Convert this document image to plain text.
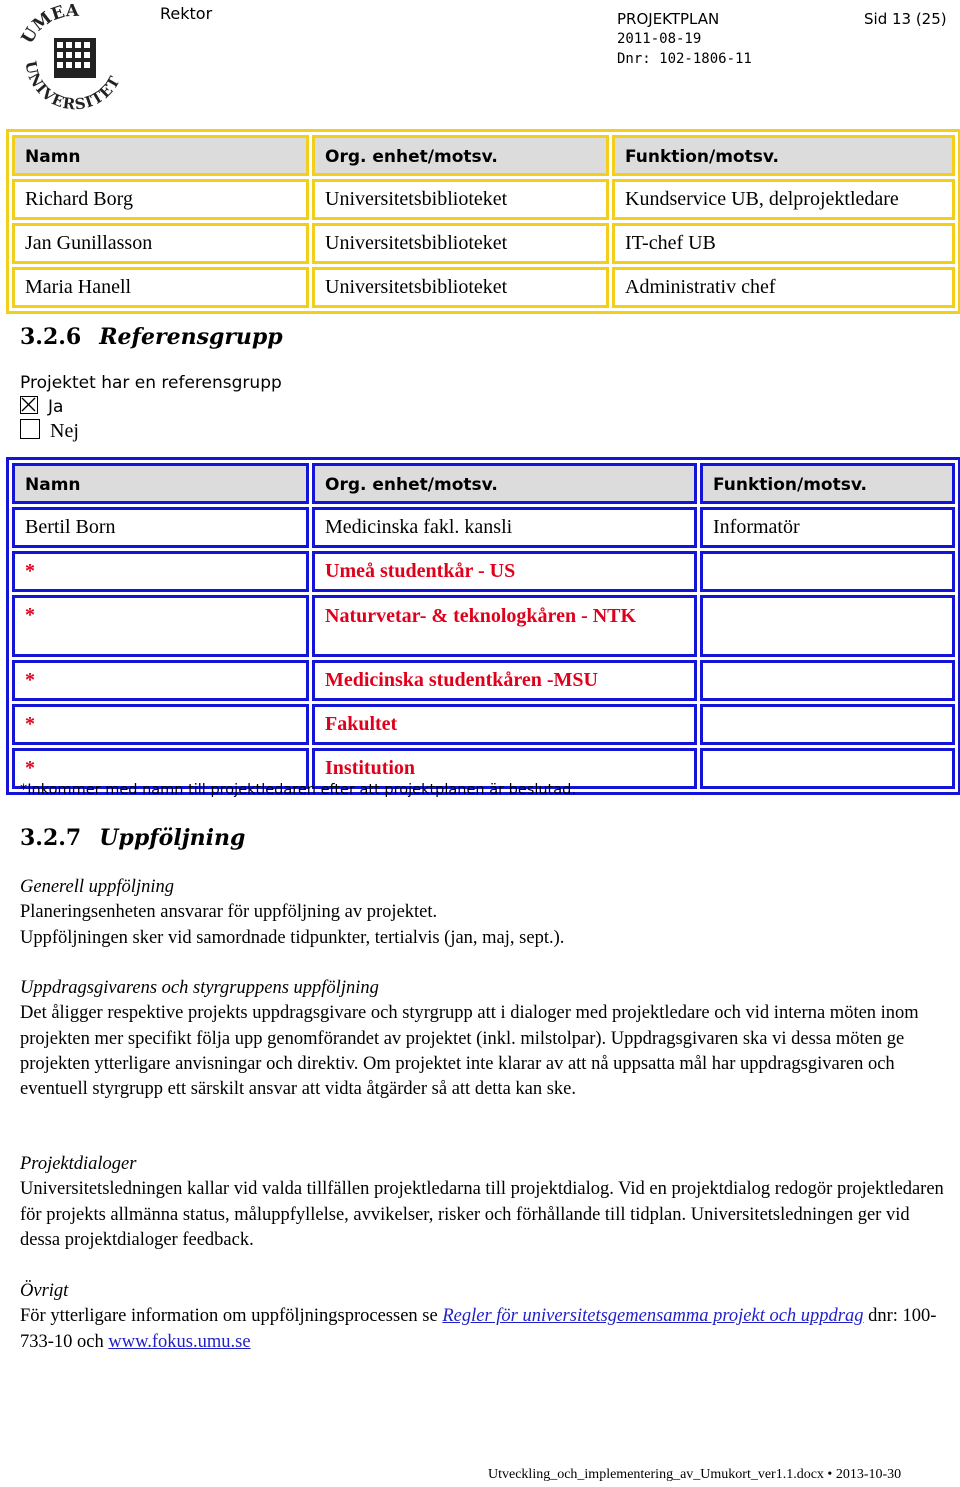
UMEÅ
UNIVERSITET
Rektor	PROJEKTPLAN
2011-08-19
Dnr: 102-1806-11
Sid 13 (25)
Namn	Org. enhet/motsv.	Funktion/motsv.
Richard Borg	Universitetsbiblioteket	Kundservice UB, delprojektledare
Jan Gunillasson	Universitetsbiblioteket	IT-chef UB
Maria Hanell	Universitetsbiblioteket	Administrativ chef
3.2.6 Referensgrupp
Projektet har en referensgrupp
Ja
Nej
Namn	Org. enhet/motsv.	Funktion/motsv.
Bertil Born	Medicinska fakl. kansli	Informatör
*	Umeå studentkår - US	
*	Naturvetar- & teknologkåren - NTK	
*	Medicinska studentkåren -MSU	
*	Fakultet	
*	Institution	
*Inkommer med namn till projektledaren efter att projektplanen är beslutad.
3.2.7 Uppföljning
Generell uppföljning
Planeringsenheten ansvarar för uppföljning av projektet.
Uppföljningen sker vid samordnade tidpunkter, tertialvis (jan, maj, sept.).
Uppdragsgivarens och styrgruppens uppföljning
Det åligger respektive projekts uppdragsgivare och styrgrupp att i dialoger med projektledare och vid interna möten inom projekten mer specifikt följa upp genomförandet av projektet (inkl. milstolpar). Uppdragsgivaren ska vi dessa möten ge projekten ytterligare anvisningar och direktiv. Om projektet inte klarar av att nå uppsatta mål har uppdragsgivaren och eventuell styrgrupp ett särskilt ansvar att vidta åtgärder så att detta kan ske.
Projektdialoger
Universitetsledningen kallar vid valda tillfällen projektledarna till projektdialog. Vid en projektdialog redogör projektledaren för projekts allmänna status, måluppfyllelse, avvikelser, risker och förhållande till tidplan. Universitetsledningen ger vid dessa projektdialoger feedback.
Övrigt
För ytterligare information om uppföljningsprocessen se Regler för universitetsgemensamma projekt och uppdrag dnr: 100-733-10 och www.fokus.umu.se
Utveckling_och_implementering_av_Umukort_ver1.1.docx • 2013-10-30
